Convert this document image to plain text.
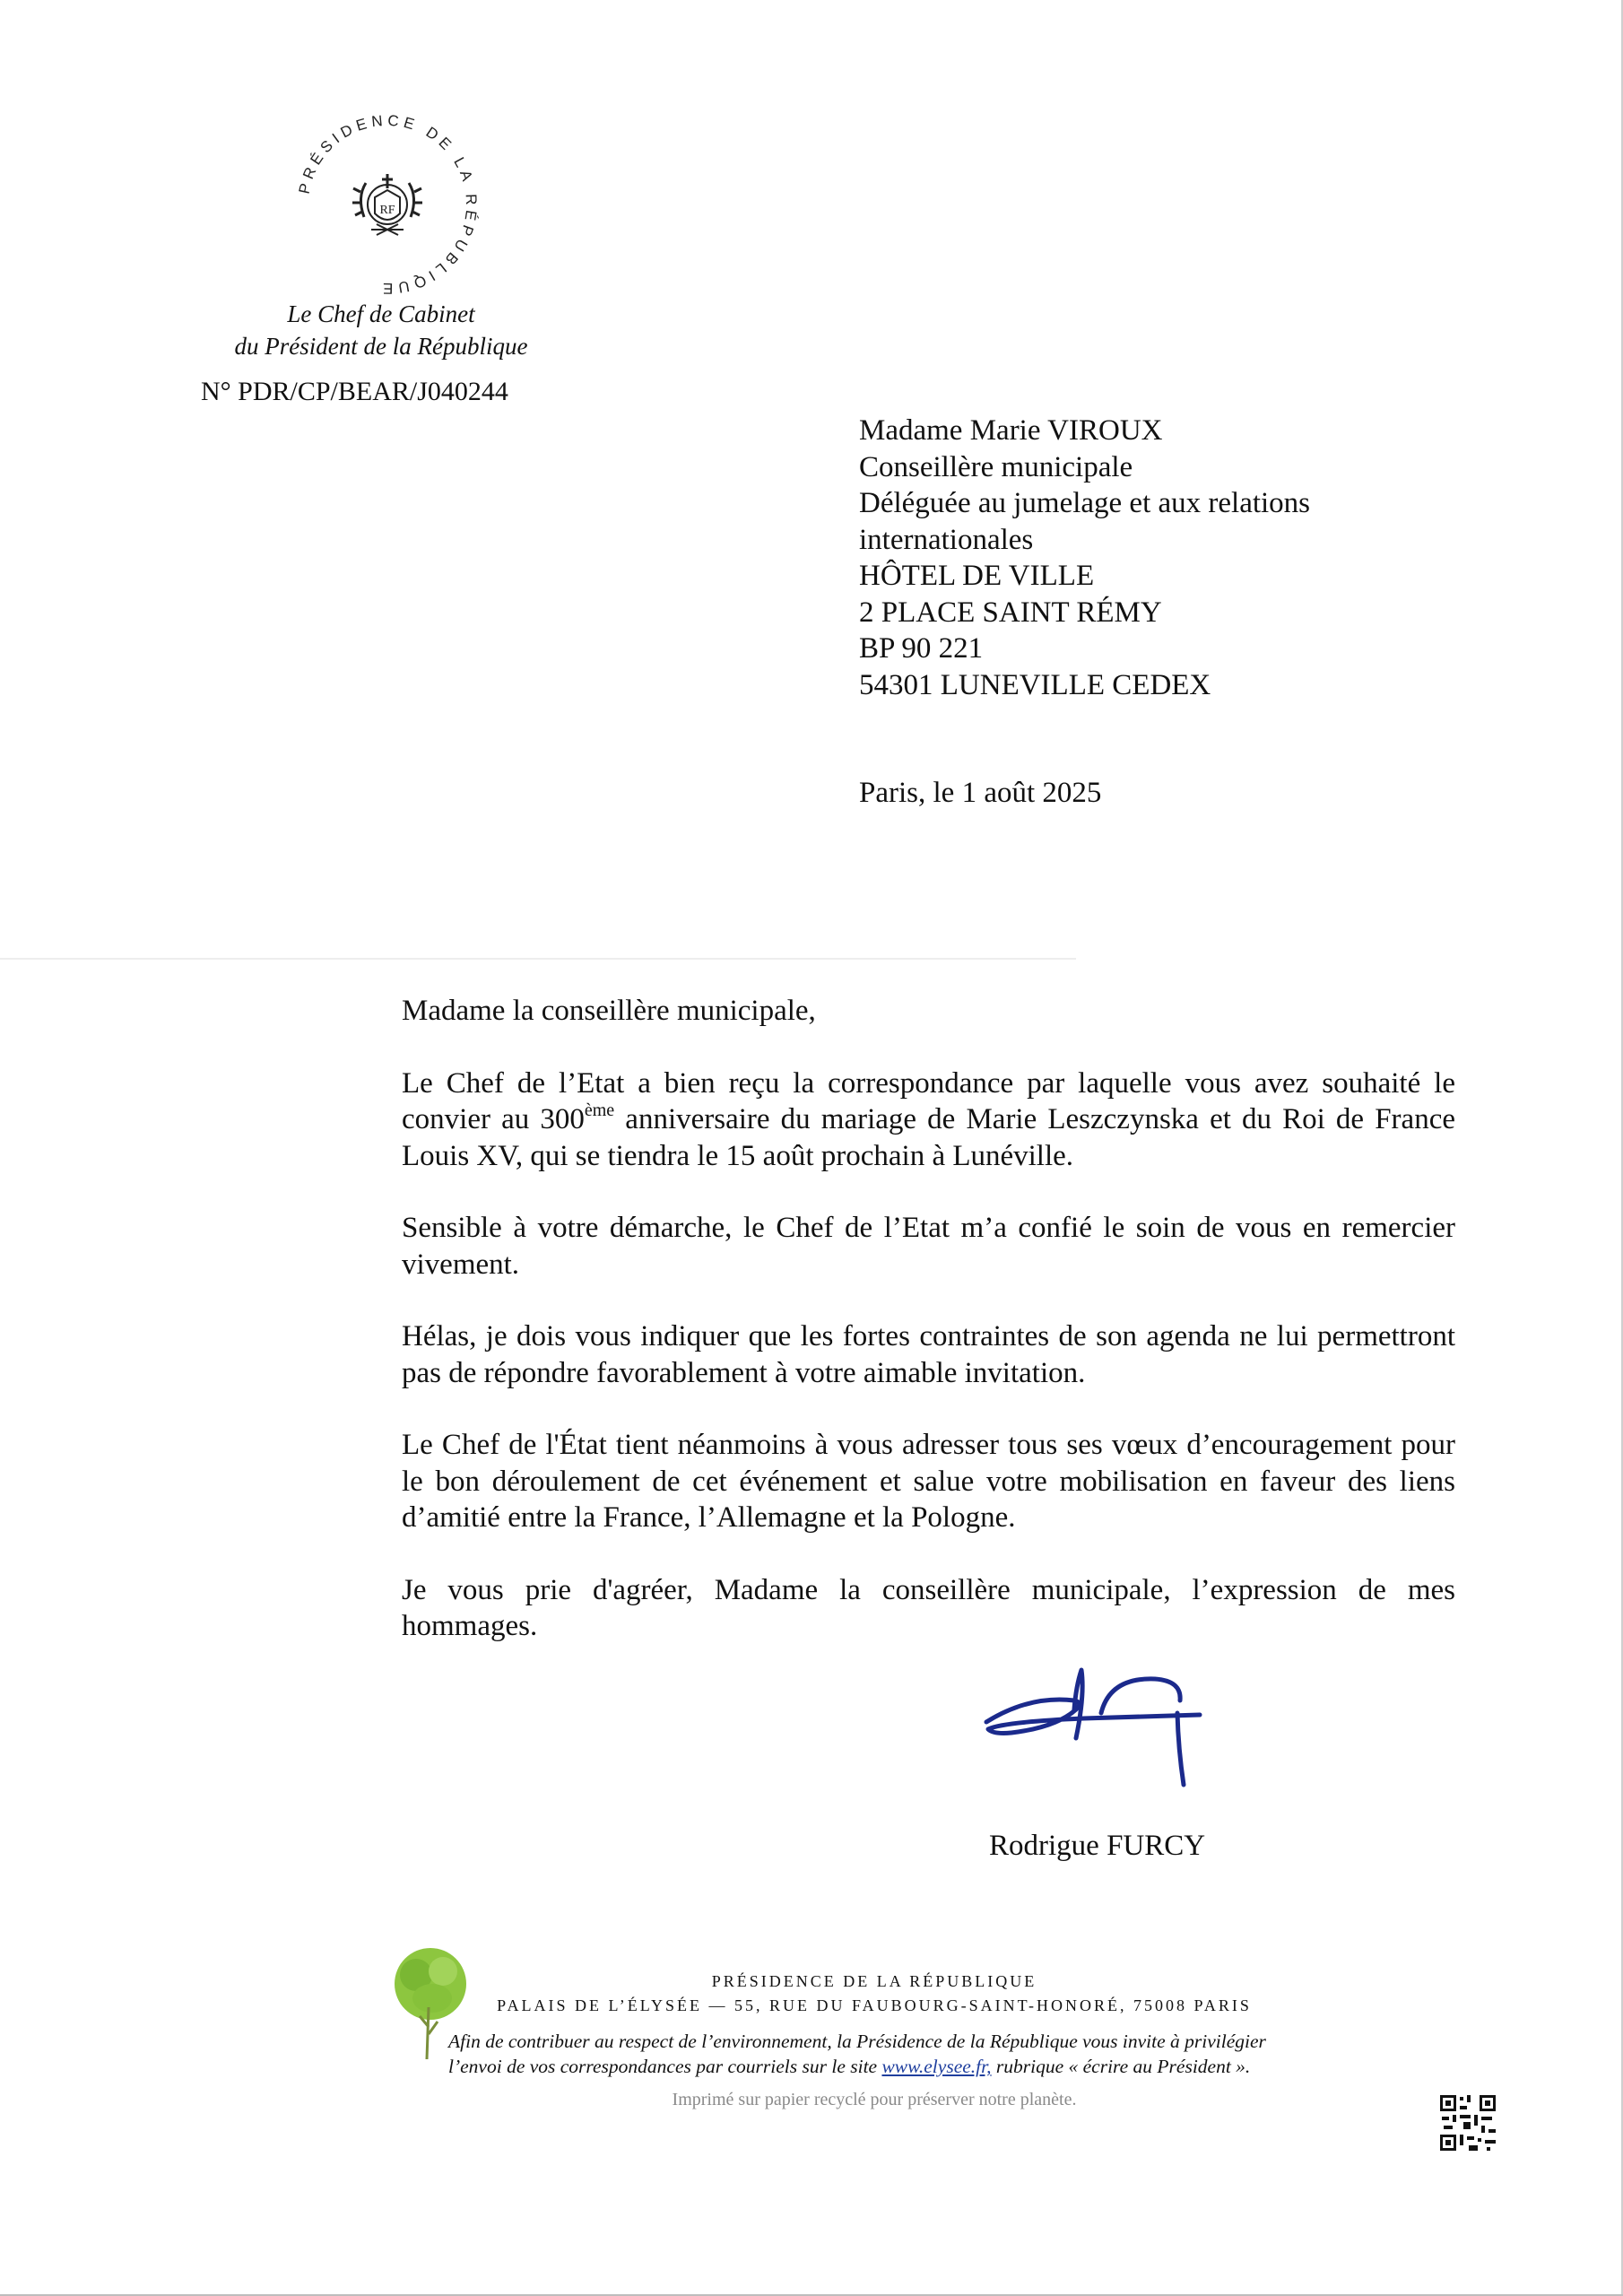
PRÉSIDENCE DE LA RÉPUBLIQUE
RF
Le Chef de Cabinet
du Président de la République
N° PDR/CP/BEAR/J040244
Madame Marie VIROUX
Conseillère municipale
Déléguée au jumelage et aux relations
internationales
HÔTEL DE VILLE
2 PLACE SAINT RÉMY
BP 90 221
54301 LUNEVILLE CEDEX
Paris, le 1 août 2025

Madame la conseillère municipale,

Le Chef de l’Etat a bien reçu la correspondance par laquelle vous avez souhaité le convier au 300ème anniversaire du mariage de Marie Leszczynska et du Roi de France Louis XV, qui se tiendra le 15 août prochain à Lunéville.

Sensible à votre démarche, le Chef de l’Etat m’a confié le soin de vous en remercier vivement.

Hélas, je dois vous indiquer que les fortes contraintes de son agenda ne lui permettront pas de répondre favorablement à votre aimable invitation.

Le Chef de l'État tient néanmoins à vous adresser tous ses vœux d’encouragement pour le bon déroulement de cet événement et salue votre mobilisation en faveur des liens d’amitié entre la France, l’Allemagne et la Pologne.

Je vous prie d'agréer, Madame la conseillère municipale, l’expression de mes hommages.

Rodrigue FURCY
PRÉSIDENCE DE LA RÉPUBLIQUE
PALAIS DE L’ÉLYSÉE — 55, RUE DU FAUBOURG-SAINT-HONORÉ, 75008 PARIS
Afin de contribuer au respect de l’environnement, la Présidence de la République vous invite à privilégier
l’envoi de vos correspondances par courriels sur le site www.elysee.fr, rubrique « écrire au Président ».
Imprimé sur papier recyclé pour préserver notre planète.
